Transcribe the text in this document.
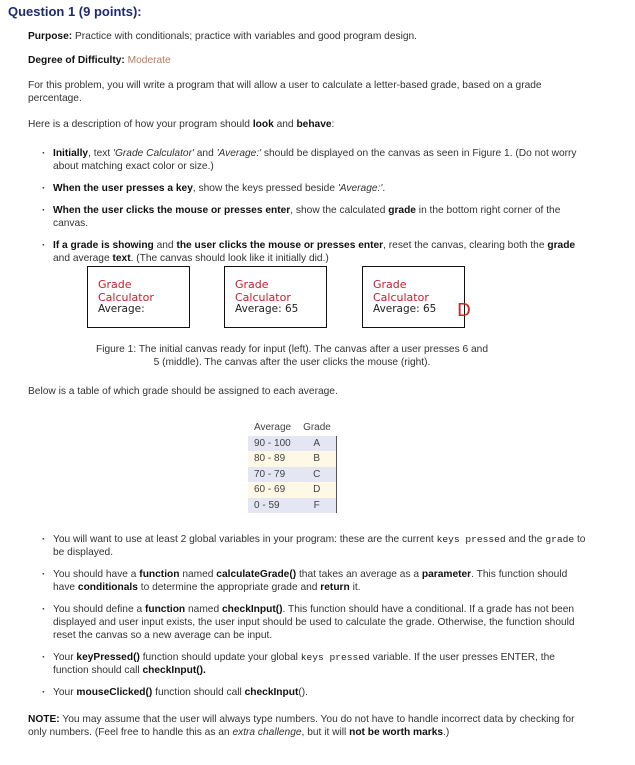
Question 1 (9 points):
Purpose: Practice with conditionals; practice with variables and good program design.
Degree of Difficulty: Moderate
For this problem, you will write a program that will allow a user to calculate a letter-based grade, based on a grade percentage.
Here is a description of how your program should look and behave:
· Initially, text 'Grade Calculator' and 'Average:' should be displayed on the canvas as seen in Figure 1. (Do not worry about matching exact color or size.)
· When the user presses a key, show the keys pressed beside 'Average:'.
· When the user clicks the mouse or presses enter, show the calculated grade in the bottom right corner of the canvas.
· If a grade is showing and the user clicks the mouse or presses enter, reset the canvas, clearing both the grade and average text. (The canvas should look like it initially did.)
Grade Calculator
Average:
Grade Calculator
Average: 65
Grade Calculator
Average: 65 D
Figure 1: The initial canvas ready for input (left). The canvas after a user presses 6 and 5 (middle). The canvas after the user clicks the mouse (right).
Below is a table of which grade should be assigned to each average.
Average	Grade
90 - 100	A
80 - 89	B
70 - 79	C
60 - 69	D
0 - 59	F
· You will want to use at least 2 global variables in your program: these are the current keys pressed and the grade to be displayed.
· You should have a function named calculateGrade() that takes an average as a parameter. This function should have conditionals to determine the appropriate grade and return it.
· You should define a function named checkInput(). This function should have a conditional. If a grade has not been displayed and user input exists, the user input should be used to calculate the grade. Otherwise, the function should reset the canvas so a new average can be input.
· Your keyPressed() function should update your global keys pressed variable. If the user presses ENTER, the function should call checkInput().
· Your mouseClicked() function should call checkInput().
NOTE: You may assume that the user will always type numbers. You do not have to handle incorrect data by checking for only numbers. (Feel free to handle this as an extra challenge, but it will not be worth marks.)
